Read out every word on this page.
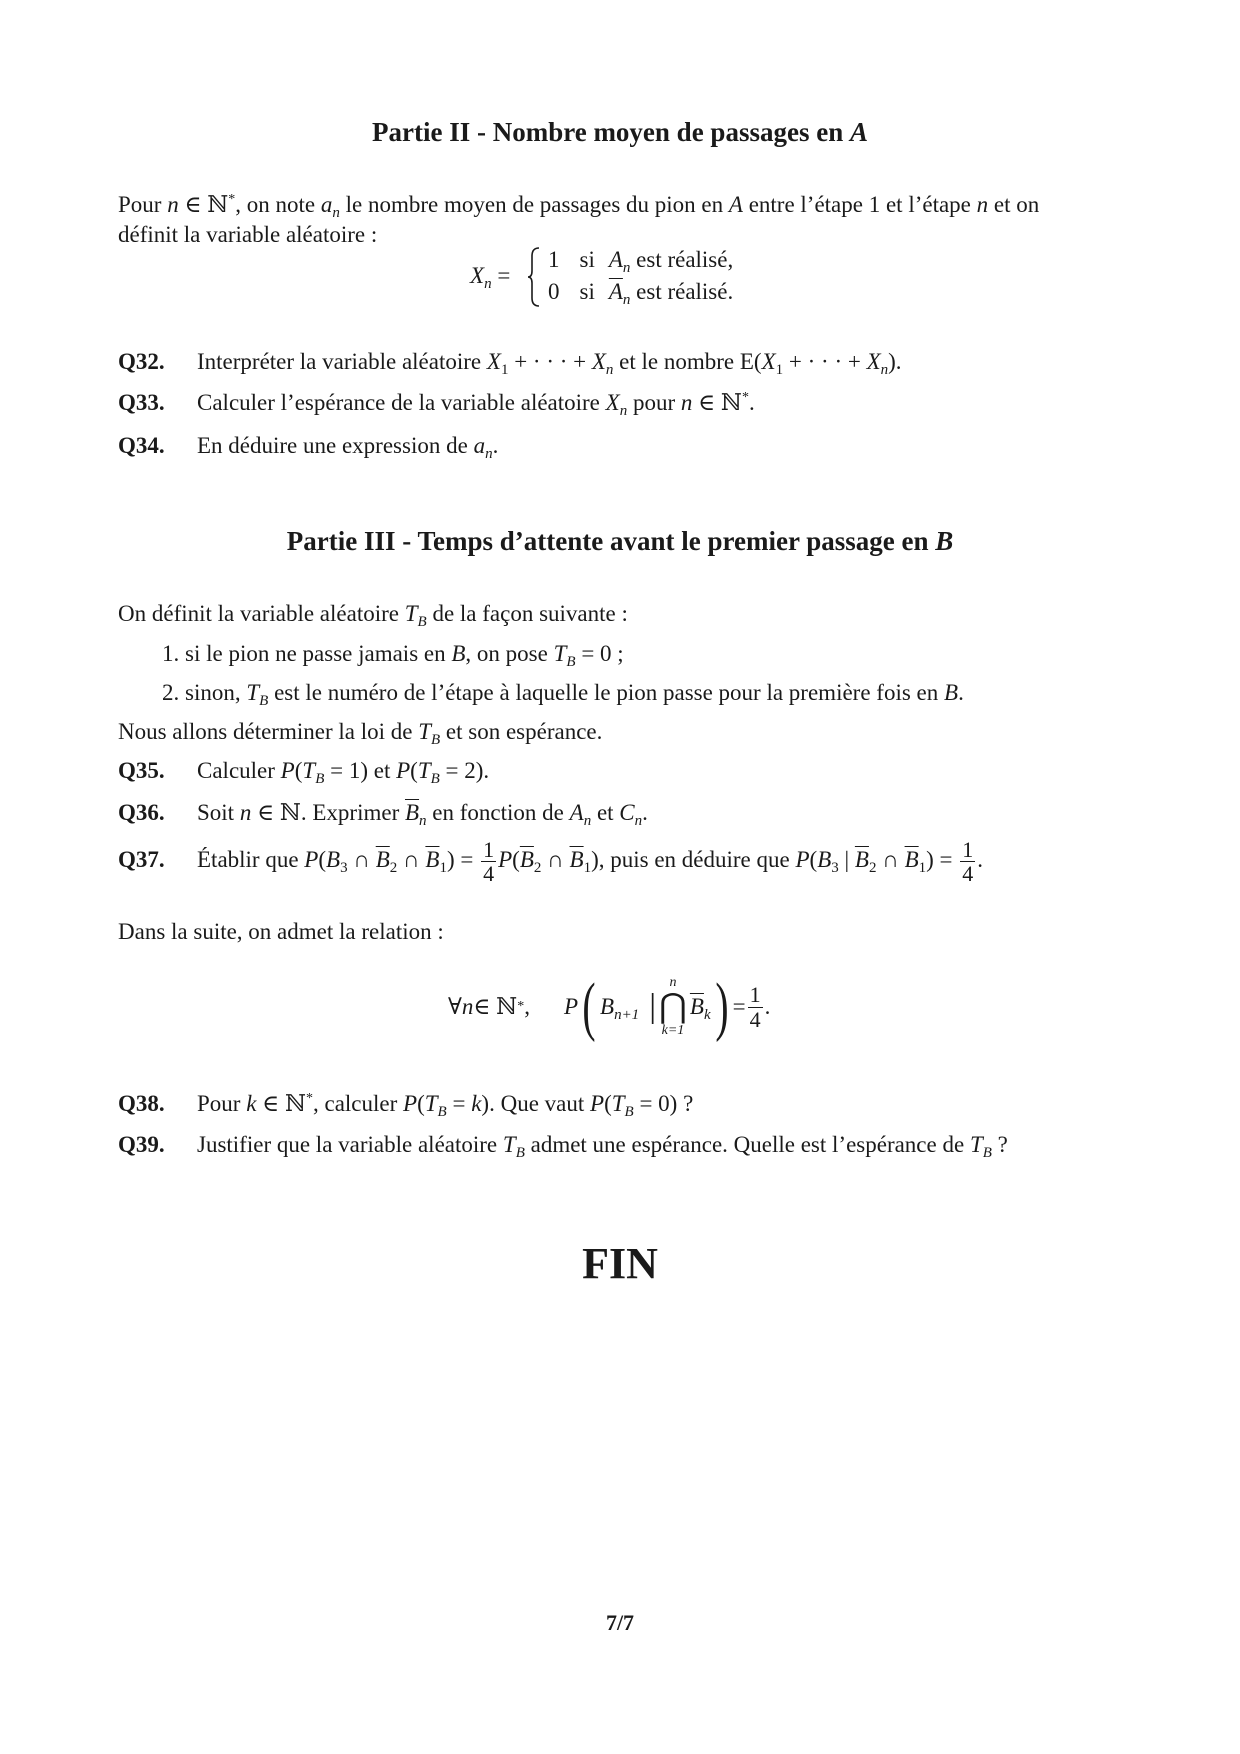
Partie II - Nombre moyen de passages en A
Pour n ∈ ℕ*, on note $a_n$ le nombre moyen de passages du pion en A entre l’étape 1 et l’étape n et on
définit la variable aléatoire :
$X_n$ =
1 si $A_n$ est réalisé,
0 si $\overline{A}_n$ est réalisé.
Q32. Interpréter la variable aléatoire $X_1$ + · · · + $X_n$ et le nombre $E(X_1$ + · · · + $X_n$).
Q33. Calculer l’espérance de la variable aléatoire $X_n$ pour n ∈ ℕ*.
Q34. En déduire une expression de $a_n$.
Partie III - Temps d’attente avant le premier passage en B
On définit la variable aléatoire $T_B$ de la façon suivante :
1. si le pion ne passe jamais en B, on pose $T_B = 0$ ;
2. sinon, $T_B$ est le numéro de l’étape à laquelle le pion passe pour la première fois en B.
Nous allons déterminer la loi de $T_B$ et son espérance.
Q35. Calculer $P(T_B = 1)$ et $P(T_B = 2)$.
Q36. Soit n ∈ ℕ. Exprimer $\overline{B}_n$ en fonction de $A_n$ et $C_n$.
Q37. Établir que $P(B_3$ ∩ $\overline{B}_2$ ∩ $\overline{B}_1) = \frac{1}{4} P(\overline{B}_2$ ∩ $\overline{B}_1$), puis en déduire que $P(B_3$ | $\overline{B}_2$ ∩ $\overline{B}_1) = \frac{1}{4}$ .
Dans la suite, on admet la relation :
∀ n ∈ ℕ * , P ( $B_{n+1}$ |
n
⋂
k=1
$\overline{B}_k$ ) = $\frac{1}{4}$ .
Q38. Pour k ∈ ℕ*, calculer $P(T_B = k)$. Que vaut $P(T_B = 0)$ ?
Q39. Justifier que la variable aléatoire $T_B$ admet une espérance. Quelle est l’espérance de $T_B$ ?
FIN
7/7
